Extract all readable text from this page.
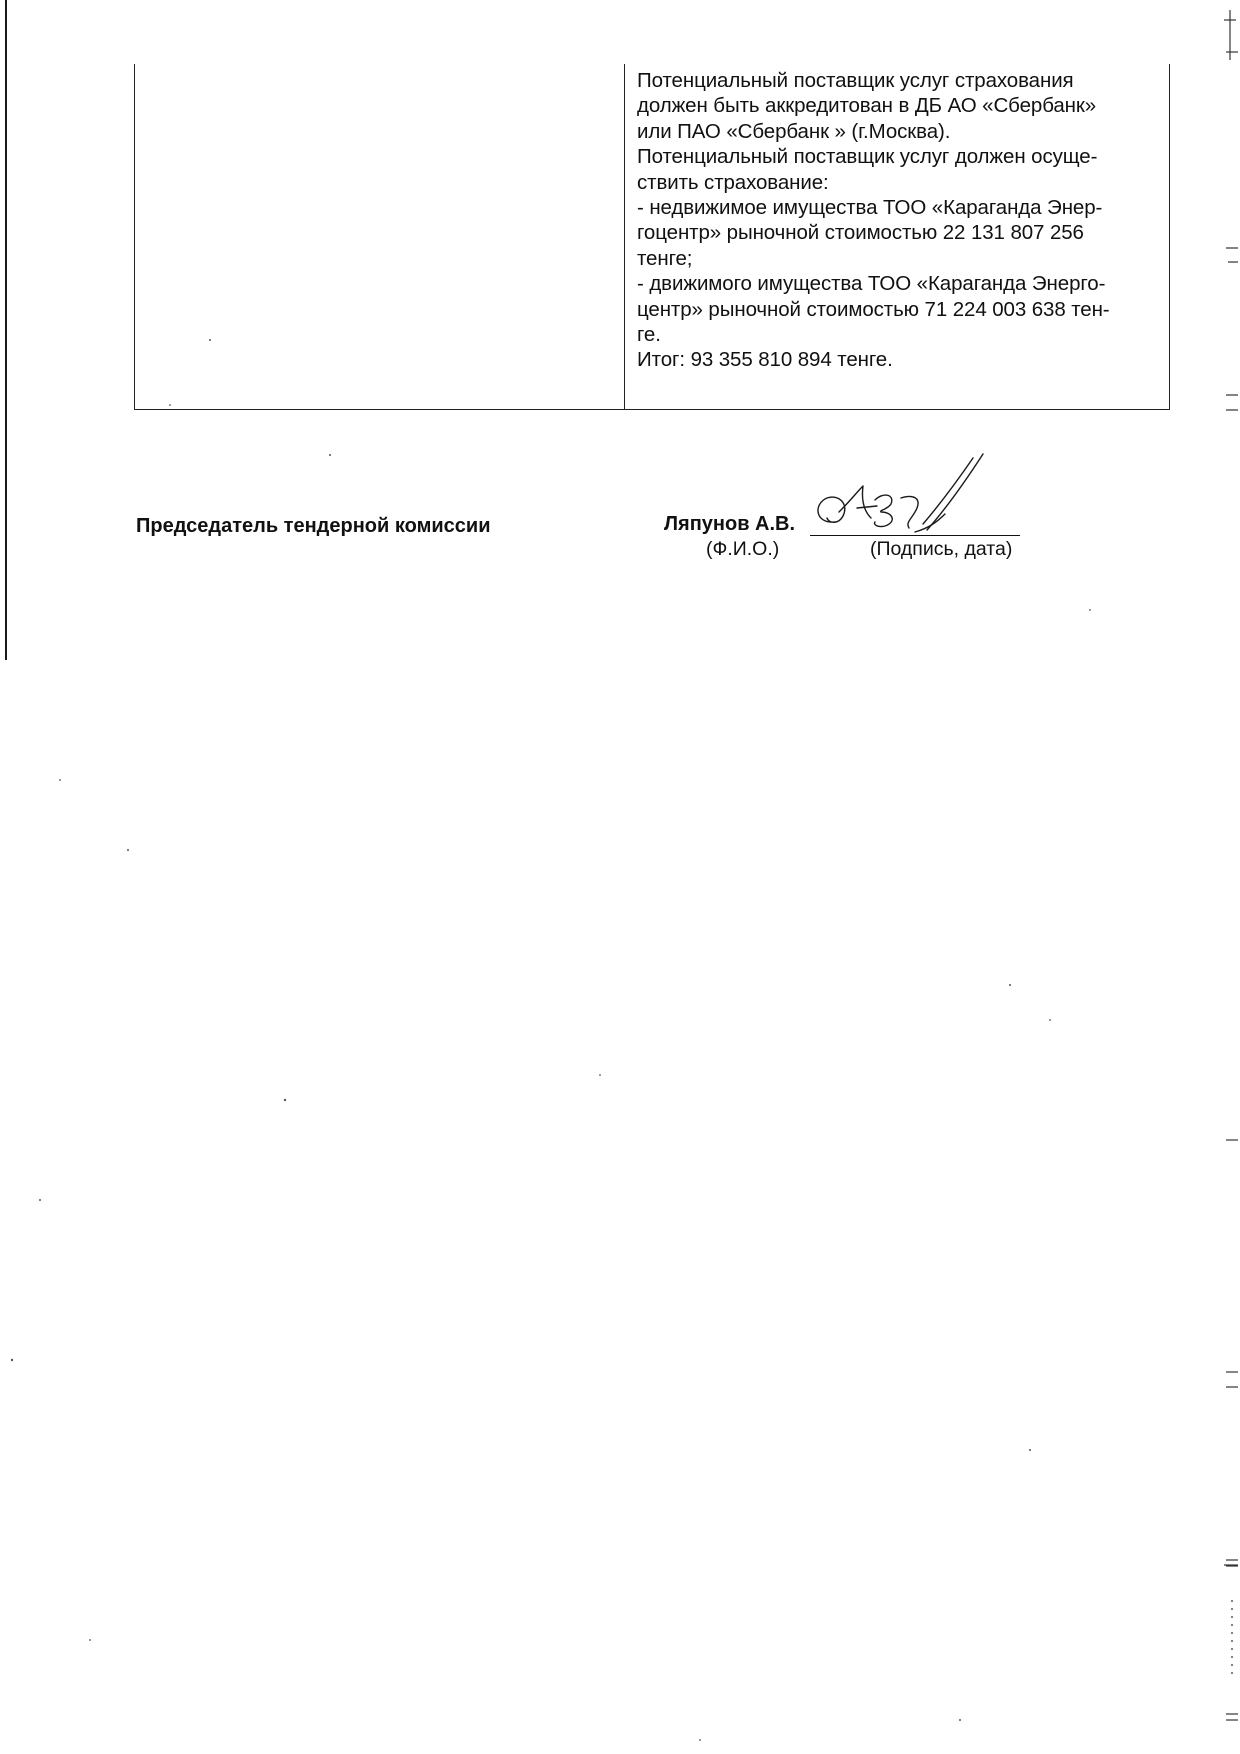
Потенциальный поставщик услуг страхования

должен быть аккредитован в ДБ АО «Сбербанк»

или ПАО «Сбербанк » (г.Москва).

Потенциальный поставщик услуг должен осуще-

ствить страхование:

- недвижимое имущества ТОО «Караганда Энер-

гоцентр» рыночной стоимостью 22 131 807 256

тенге;

- движимого имущества ТОО «Караганда Энерго-

центр» рыночной стоимостью 71 224 003 638 тен-

ге.

Итог: 93 355 810 894 тенге.

Председатель тендерной комиссии	Ляпунов А.В.
(Ф.И.О.)	(Подпись, дата)
